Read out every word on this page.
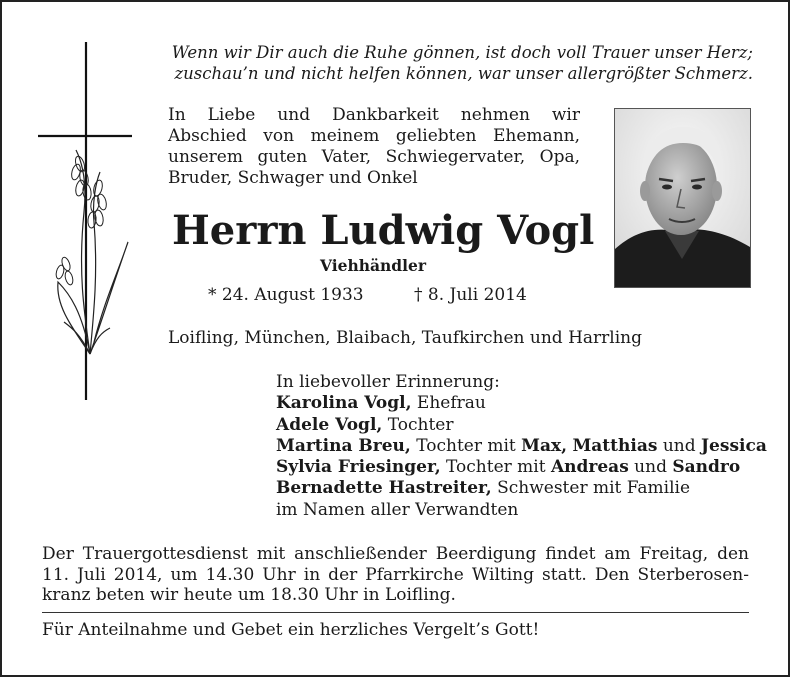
Wenn wir Dir auch die Ruhe gönnen, ist doch voll Trauer unser Herz;
zuschau’n und nicht helfen können, war unser allergrößter Schmerz.
In Liebe und Dankbarkeit nehmen wir
Abschied von meinem geliebten Ehemann,
unserem guten Vater, Schwiegervater, Opa,
Bruder, Schwager und Onkel
Herrn Ludwig Vogl
Viehhändler
* 24. August 1933	† 8. Juli 2014
Loifling, München, Blaibach, Taufkirchen und Harrling
In liebevoller Erinnerung:
Karolina Vogl, Ehefrau
Adele Vogl, Tochter
Martina Breu, Tochter mit Max, Matthias und Jessica
Sylvia Friesinger, Tochter mit Andreas und Sandro
Bernadette Hastreiter, Schwester mit Familie
im Namen aller Verwandten
Der Trauergottesdienst mit anschließender Beerdigung findet am Freitag, den
11. Juli 2014, um 14.30 Uhr in der Pfarrkirche Wilting statt. Den Sterberosen-
kranz beten wir heute um 18.30 Uhr in Loifling.
Für Anteilnahme und Gebet ein herzliches Vergelt’s Gott!
